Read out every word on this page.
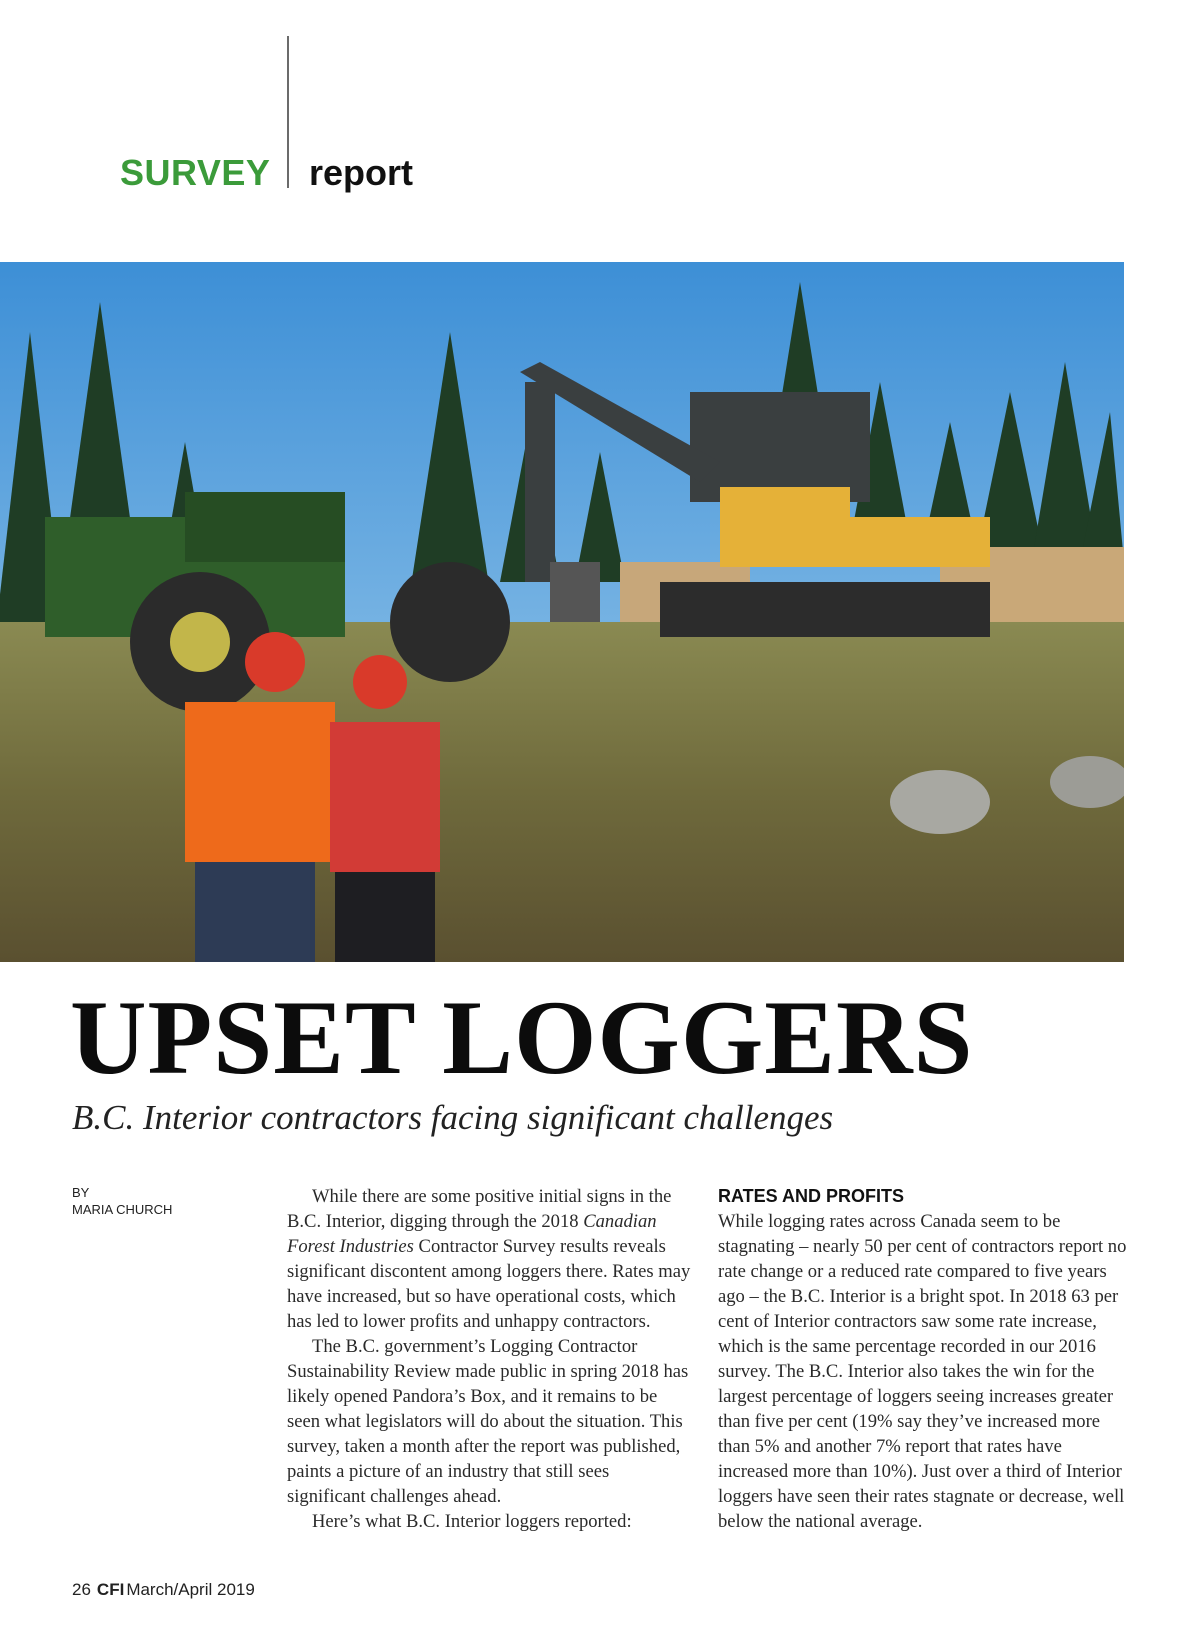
SURVEY report
UPSET LOGGERS
B.C. Interior contractors facing significant challenges
BY
MARIA CHURCH

While there are some positive initial signs in the B.C. Interior, digging through the 2018 Canadian Forest Industries Contractor Survey results reveals significant discontent among loggers there. Rates may have increased, but so have operational costs, which has led to lower profits and unhappy contractors.

The B.C. government’s Logging Contractor Sustainability Review made public in spring 2018 has likely opened Pandora’s Box, and it remains to be seen what legislators will do about the situation. This survey, taken a month after the report was published, paints a picture of an industry that still sees significant challenges ahead.

Here’s what B.C. Interior loggers reported:

RATES AND PROFITS

While logging rates across Canada seem to be stagnating – nearly 50 per cent of contractors report no rate change or a reduced rate compared to five years ago – the B.C. Interior is a bright spot. In 2018 63 per cent of Interior contractors saw some rate increase, which is the same percentage recorded in our 2016 survey. The B.C. Interior also takes the win for the largest percentage of loggers seeing increases greater than five per cent (19% say they’ve increased more than 5% and another 7% report that rates have increased more than 10%). Just over a third of Interior loggers have seen their rates stagnate or decrease, well below the national average.

26 CFI March/April 2019
